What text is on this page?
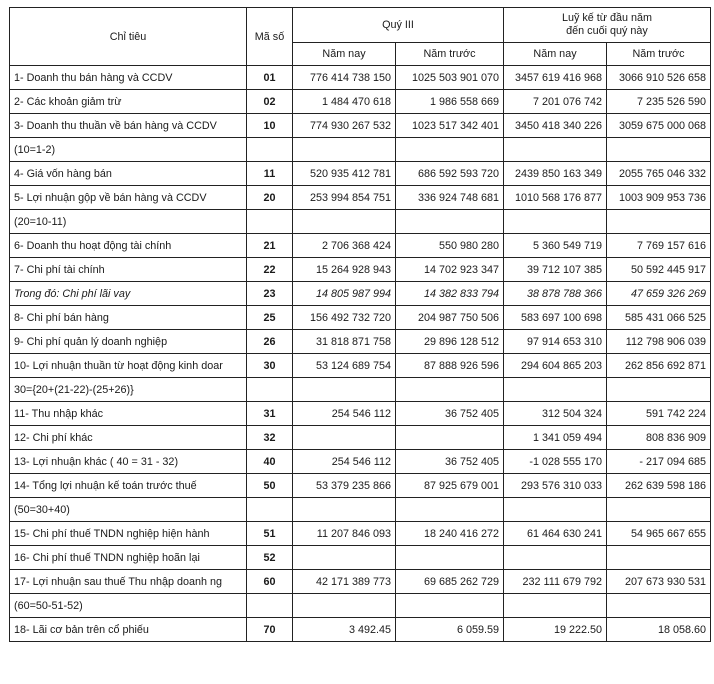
Chỉ tiêu	Mã số	Quý III		Luỹ kế từ đầu năm
đến cuối quý này	
		Năm nay	Năm trước	Năm nay	Năm trước
1- Doanh thu bán hàng và CCDV	01	776 414 738 150	1025 503 901 070	3457 619 416 968	3066 910 526 658
2- Các khoản giảm trừ	02	1 484 470 618	1 986 558 669	7 201 076 742	7 235 526 590
3- Doanh thu thuần về bán hàng và CCDV	10	774 930 267 532	1023 517 342 401	3450 418 340 226	3059 675 000 068
(10=1-2)					
4- Giá vốn hàng bán	11	520 935 412 781	686 592 593 720	2439 850 163 349	2055 765 046 332
5- Lợi nhuận gộp về bán hàng và CCDV	20	253 994 854 751	336 924 748 681	1010 568 176 877	1003 909 953 736
(20=10-11)					
6- Doanh thu hoạt động tài chính	21	2 706 368 424	550 980 280	5 360 549 719	7 769 157 616
7- Chi phí tài chính	22	15 264 928 943	14 702 923 347	39 712 107 385	50 592 445 917
Trong đó: Chi phí lãi vay	23	14 805 987 994	14 382 833 794	38 878 788 366	47 659 326 269
8- Chi phí bán hàng	25	156 492 732 720	204 987 750 506	583 697 100 698	585 431 066 525
9- Chi phí quản lý doanh nghiệp	26	31 818 871 758	29 896 128 512	97 914 653 310	112 798 906 039
10- Lợi nhuận thuần từ hoạt động kinh doar	30	53 124 689 754	87 888 926 596	294 604 865 203	262 856 692 871
30={20+(21-22)-(25+26)}					
11- Thu nhập khác	31	254 546 112	36 752 405	312 504 324	591 742 224
12- Chi phí khác	32			1 341 059 494	808 836 909
13- Lợi nhuận khác ( 40 = 31 - 32)	40	254 546 112	36 752 405	-1 028 555 170	- 217 094 685
14- Tổng lợi nhuận kế toán trước thuế	50	53 379 235 866	87 925 679 001	293 576 310 033	262 639 598 186
(50=30+40)					
15- Chi phí thuế TNDN nghiệp hiện hành	51	11 207 846 093	18 240 416 272	61 464 630 241	54 965 667 655
16- Chi phí thuế TNDN nghiệp hoãn lại	52				
17- Lợi nhuận sau thuế Thu nhập doanh ng	60	42 171 389 773	69 685 262 729	232 111 679 792	207 673 930 531
(60=50-51-52)					
18- Lãi cơ bản trên cổ phiếu	70	3 492.45	6 059.59	19 222.50	18 058.60
